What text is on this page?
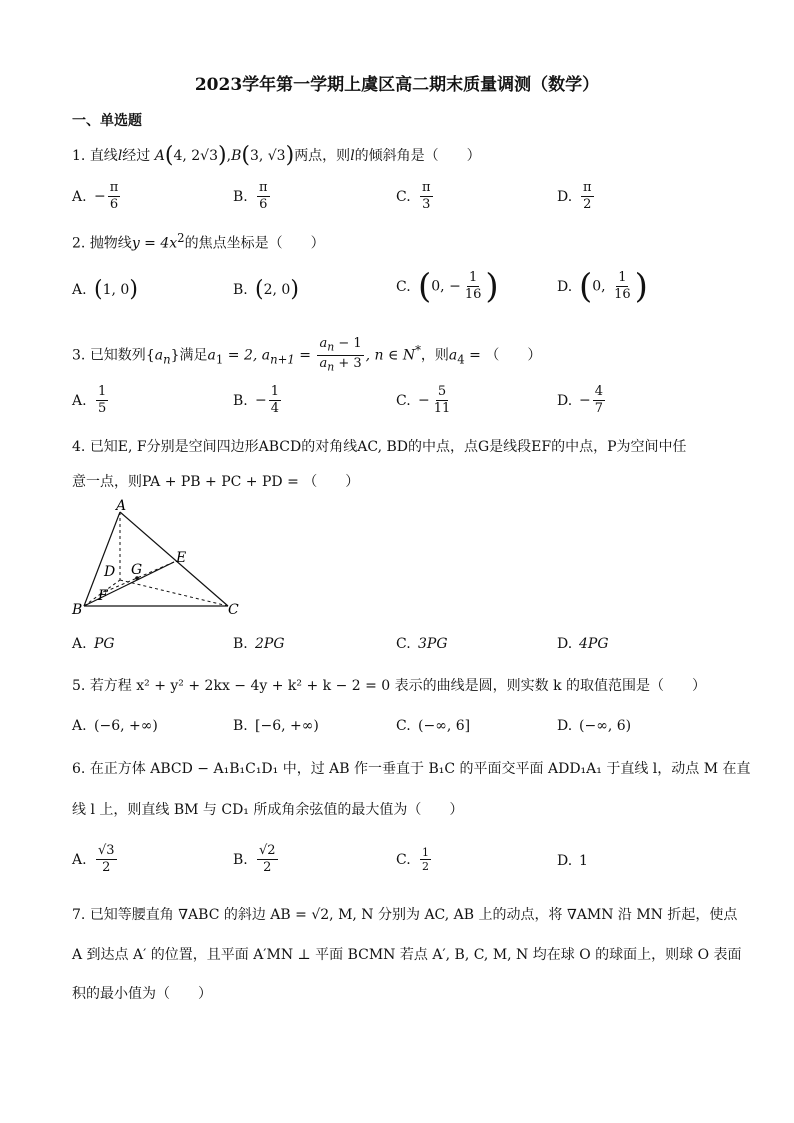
2023学年第一学期上虞区高二期末质量调测（数学）
一、单选题
1. 直线l经过 A(4, 2√3),B(3, √3)两点，则l的倾斜角是（　　）
A. − $\frac{\pi}{6}$	B. $\frac{\pi}{6}$	C. $\frac{\pi}{3}$	D. $\frac{\pi}{2}$
2. 抛物线$y = 4x^2$的焦点坐标是（　　）
A. (1, 0)	B. (2, 0)	C. (0, − $\frac{1}{16}$ )	D. (0, $\frac{1}{16}$ )
3. 已知数列$\{a_n\}$满足$a_1 = 2$, $a_{n+1} = \frac{a_n - 1}{a_n + 3}$ , n ∈ N*，则$a_4$ = （　　）
A. $\frac{1}{5}$	B. − $\frac{1}{4}$	C. − $\frac{5}{11}$	D. − $\frac{4}{7}$
4. 已知E, F分别是空间四边形ABCD的对角线AC, BD的中点，点G是线段EF的中点，P为空间中任
意一点，则PA + PB + PC + PD = （　　）
A
B	C
D
E
F
G
A. PG	B. 2PG	C. 3PG	D. 4PG
5. 若方程 x² + y² + 2kx − 4y + k² + k − 2 = 0 表示的曲线是圆，则实数 k 的取值范围是（　　）
A. (−6, +∞)	B. [−6, +∞)	C. (−∞, 6]	D. (−∞, 6)
6. 在正方体 ABCD − A₁B₁C₁D₁ 中，过 AB 作一垂直于 B₁C 的平面交平面 ADD₁A₁ 于直线 l，动点 M 在直
线 l 上，则直线 BM 与 CD₁ 所成角余弦值的最大值为（　　）
A. $\frac{√3}{2}$	B. $\frac{√2}{2}$	C. $\frac{1}{2}$	D. 1
7. 已知等腰直角 ∇ABC 的斜边 AB = √2, M, N 分别为 AC, AB 上的动点，将 ∇AMN 沿 MN 折起，使点
A 到达点 A′ 的位置，且平面 A′MN ⊥ 平面 BCMN 若点 A′, B, C, M, N 均在球 O 的球面上，则球 O 表面
积的最小值为（　　）
